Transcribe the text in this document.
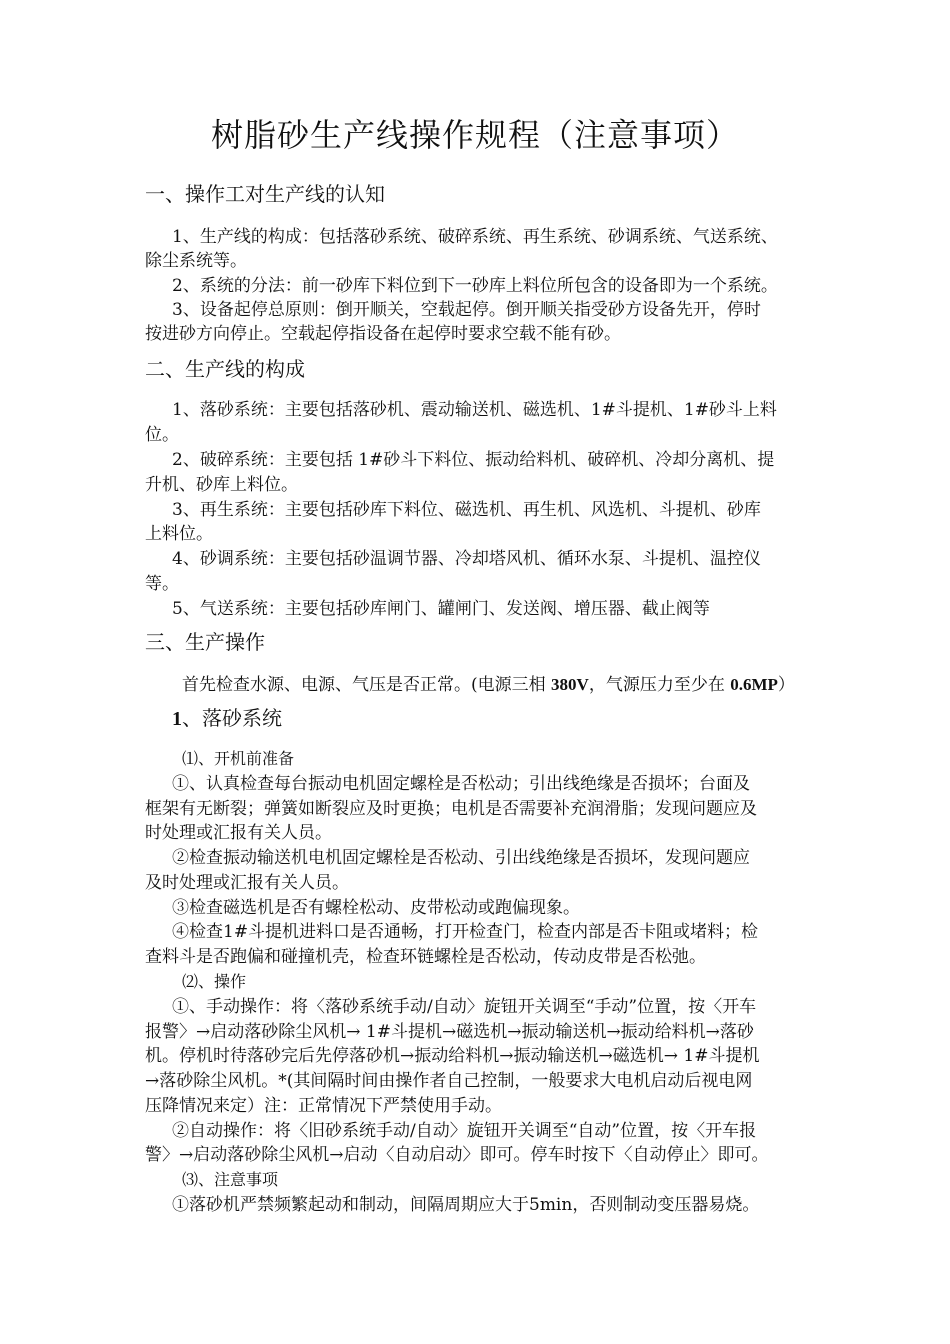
树脂砂生产线操作规程（注意事项）
一、操作工对生产线的认知
1、生产线的构成：包括落砂系统、破碎系统、再生系统、砂调系统、气送系统、
除尘系统等。
2、系统的分法：前一砂库下料位到下一砂库上料位所包含的设备即为一个系统。
3、设备起停总原则：倒开顺关，空载起停。倒开顺关指受砂方设备先开，停时
按进砂方向停止。空载起停指设备在起停时要求空载不能有砂。
二、生产线的构成
1、落砂系统：主要包括落砂机、震动输送机、磁选机、1#斗提机、1#砂斗上料
位。
2、破碎系统：主要包括 1#砂斗下料位、振动给料机、破碎机、冷却分离机、提
升机、砂库上料位。
3、再生系统：主要包括砂库下料位、磁选机、再生机、风选机、斗提机、砂库
上料位。
4、砂调系统：主要包括砂温调节器、冷却塔风机、循环水泵、斗提机、温控仪
等。
5、气送系统：主要包括砂库闸门、罐闸门、发送阀、增压器、截止阀等
三、生产操作
首先检查水源、电源、气压是否正常。(电源三相 380V，气源压力至少在 0.6MP）
1、落砂系统
⑴、开机前准备
①、认真检查每台振动电机固定螺栓是否松动；引出线绝缘是否损坏；台面及
框架有无断裂；弹簧如断裂应及时更换；电机是否需要补充润滑脂；发现问题应及
时处理或汇报有关人员。
②检查振动输送机电机固定螺栓是否松动、引出线绝缘是否损坏，发现问题应
及时处理或汇报有关人员。
③检查磁选机是否有螺栓松动、皮带松动或跑偏现象。
④检查1#斗提机进料口是否通畅，打开检查门，检查内部是否卡阻或堵料；检
查料斗是否跑偏和碰撞机壳，检查环链螺栓是否松动，传动皮带是否松弛。
⑵、操作
①、手动操作：将〈落砂系统手动/自动〉旋钮开关调至“手动”位置，按〈开车
报警〉→启动落砂除尘风机→ 1#斗提机→磁选机→振动输送机→振动给料机→落砂
机。停机时待落砂完后先停落砂机→振动给料机→振动输送机→磁选机→ 1#斗提机
→落砂除尘风机。*(其间隔时间由操作者自己控制，一般要求大电机启动后视电网
压降情况来定）注：正常情况下严禁使用手动。
②自动操作：将〈旧砂系统手动/自动〉旋钮开关调至“自动”位置，按〈开车报
警〉→启动落砂除尘风机→启动〈自动启动〉即可。停车时按下〈自动停止〉即可。
⑶、注意事项
①落砂机严禁频繁起动和制动，间隔周期应大于5min，否则制动变压器易烧。
